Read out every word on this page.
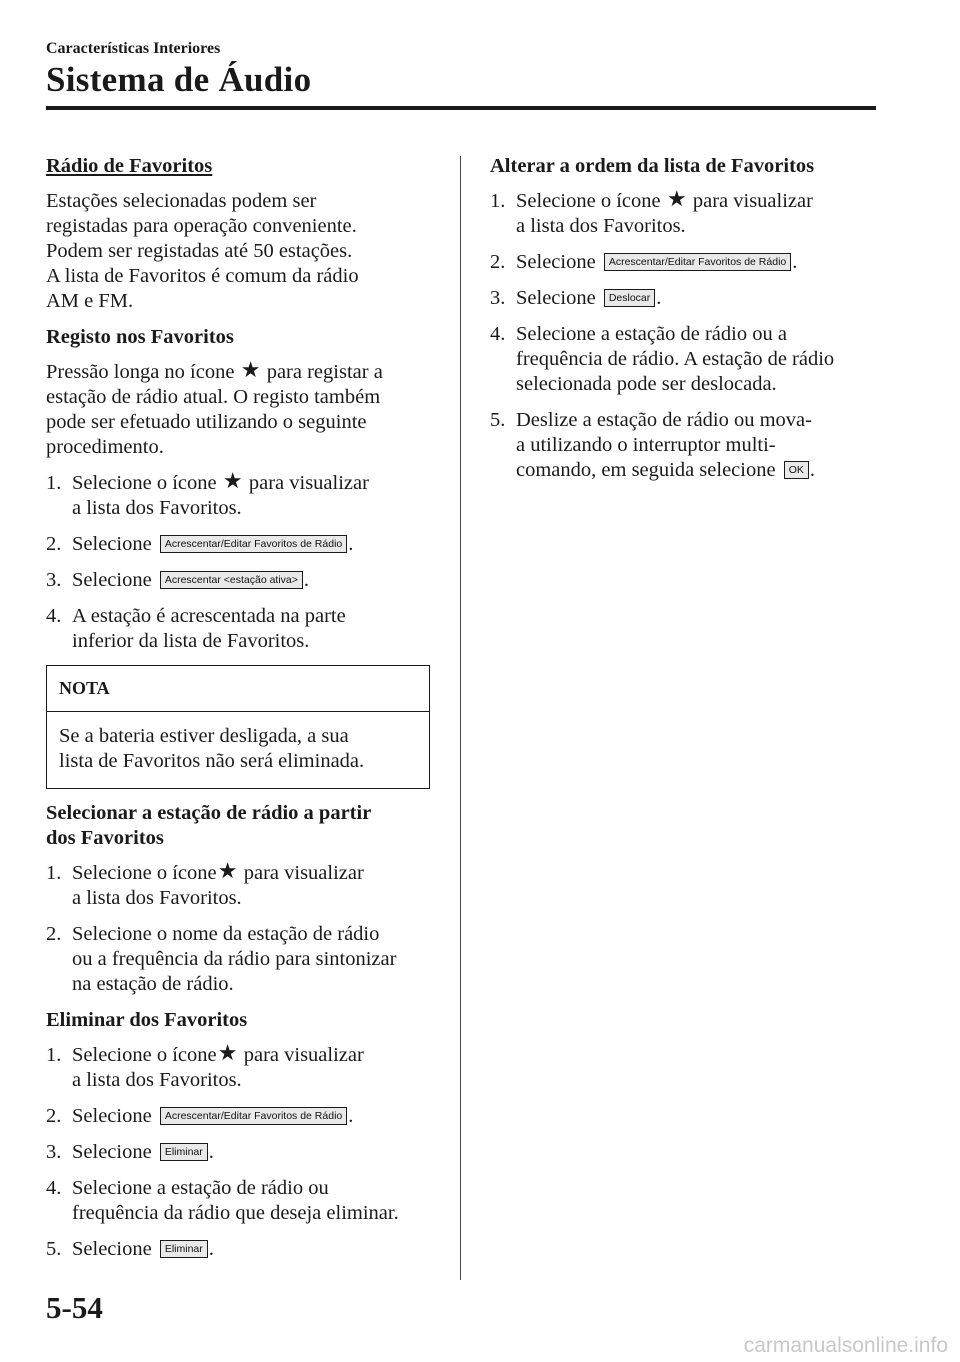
Características Interiores
Sistema de Áudio

Rádio de Favoritos

Estações selecionadas podem ser
registadas para operação conveniente.
Podem ser registadas até 50 estações.
A lista de Favoritos é comum da rádio
AM e FM.

Registo nos Favoritos

Pressão longa no ícone ★ para registar a
estação de rádio atual. O registo também
pode ser efetuado utilizando o seguinte
procedimento.
1. Selecione o ícone ★ para visualizar
a lista dos Favoritos.
2. Selecione Acrescentar/Editar Favoritos de Rádio .
3. Selecione Acrescentar <estação ativa> .
4. A estação é acrescentada na parte
inferior da lista de Favoritos.
NOTA
Se a bateria estiver desligada, a sua
lista de Favoritos não será eliminada.
Selecionar a estação de rádio a partir
dos Favoritos
1. Selecione o ícone★ para visualizar
a lista dos Favoritos.
2. Selecione o nome da estação de rádio
ou a frequência da rádio para sintonizar
na estação de rádio.

Eliminar dos Favoritos

1. Selecione o ícone★ para visualizar
a lista dos Favoritos.
2. Selecione Acrescentar/Editar Favoritos de Rádio .
3. Selecione Eliminar .
4. Selecione a estação de rádio ou
frequência da rádio que deseja eliminar.
5. Selecione Eliminar .

Alterar a ordem da lista de Favoritos

1. Selecione o ícone ★ para visualizar
a lista dos Favoritos.
2. Selecione Acrescentar/Editar Favoritos de Rádio .
3. Selecione Deslocar .
4. Selecione a estação de rádio ou a
frequência de rádio. A estação de rádio
selecionada pode ser deslocada.
5. Deslize a estação de rádio ou mova-
a utilizando o interruptor multi-
comando, em seguida selecione OK .
5-54
carmanualsonline.info
